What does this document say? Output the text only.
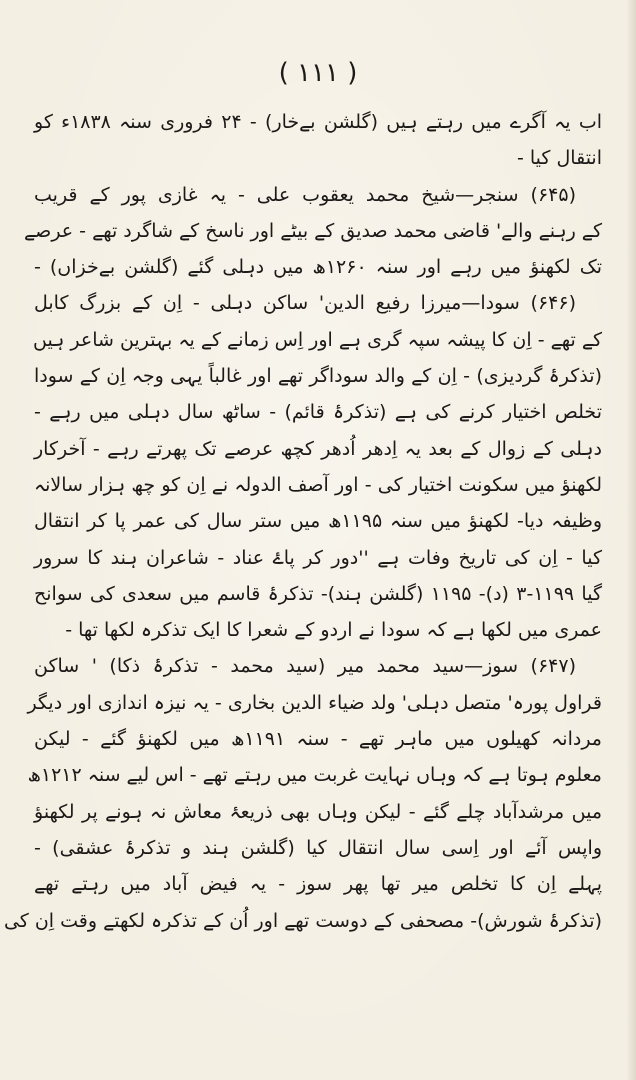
( ۱۱۱ )
اب یہ آگرے میں رہتے ہیں (گلشن بےخار) - ۲۴ فروری سنہ ۱۸۳۸ء کو
انتقال کیا -
(۶۴۵) سنجر—شیخ محمد یعقوب علی - یہ غازی پور کے قریب
کے رہنے والے' قاضی محمد صدیق کے بیٹے اور ناسخ کے شاگرد تھے - عرصے
تک لکھنؤ میں رہے اور سنہ ۱۲۶۰ھ میں دہلی گئے (گلشن بےخزاں) -
(۶۴۶) سودا—میرزا رفیع الدین' ساکن دہلی - اِن کے بزرگ کابل
کے تھے - اِن کا پیشہ سپہ گری ہے اور اِس زمانے کے یہ بہترین شاعر ہیں
(تذکرۂ گردیزی) - اِن کے والد سوداگر تھے اور غالباً یہی وجہ اِن کے سودا
تخلص اختیار کرنے کی ہے (تذکرۂ قائم) - ساٹھ سال دہلی میں رہے -
دہلی کے زوال کے بعد یہ اِدھر اُدھر کچھ عرصے تک پھرتے رہے - آخرکار
لکھنؤ میں سکونت اختیار کی - اور آصف الدولہ نے اِن کو چھ ہزار سالانہ
وظیفہ دیا- لکھنؤ میں سنہ ۱۱۹۵ھ میں ستر سال کی عمر پا کر انتقال
کیا - اِن کی تاریخ وفات ہے ''دور کر پاۓ عناد - شاعران ہند کا سرور
گیا ۱۱۹۹-۳ (د)- ۱۱۹۵ (گلشن ہند)- تذکرۂ قاسم میں سعدی کی سوانح
عمری میں لکھا ہے کہ سودا نے اردو کے شعرا کا ایک تذکرہ لکھا تھا -
(۶۴۷) سوز—سید محمد میر (سید محمد - تذکرۂ ذکا) ' ساکن
قراول پورہ' متصل دہلی' ولد ضیاء الدین بخاری - یہ نیزہ اندازی اور دیگر
مردانہ کھیلوں میں ماہر تھے - سنہ ۱۱۹۱ھ میں لکھنؤ گئے - لیکن
معلوم ہوتا ہے کہ وہاں نہایت غربت میں رہتے تھے - اس لیے سنہ ۱۲۱۲ھ
میں مرشدآباد چلے گئے - لیکن وہاں بھی ذریعۂ معاش نہ ہونے پر لکھنؤ
واپس آئے اور اِسی سال انتقال کیا (گلشن ہند و تذکرۂ عشقی) -
پہلے اِن کا تخلص میر تھا پھر سوز - یہ فیض آباد میں رہتے تھے
(تذکرۂ شورش)- مصحفی کے دوست تھے اور اُن کے تذکرہ لکھتے وقت اِن کی
